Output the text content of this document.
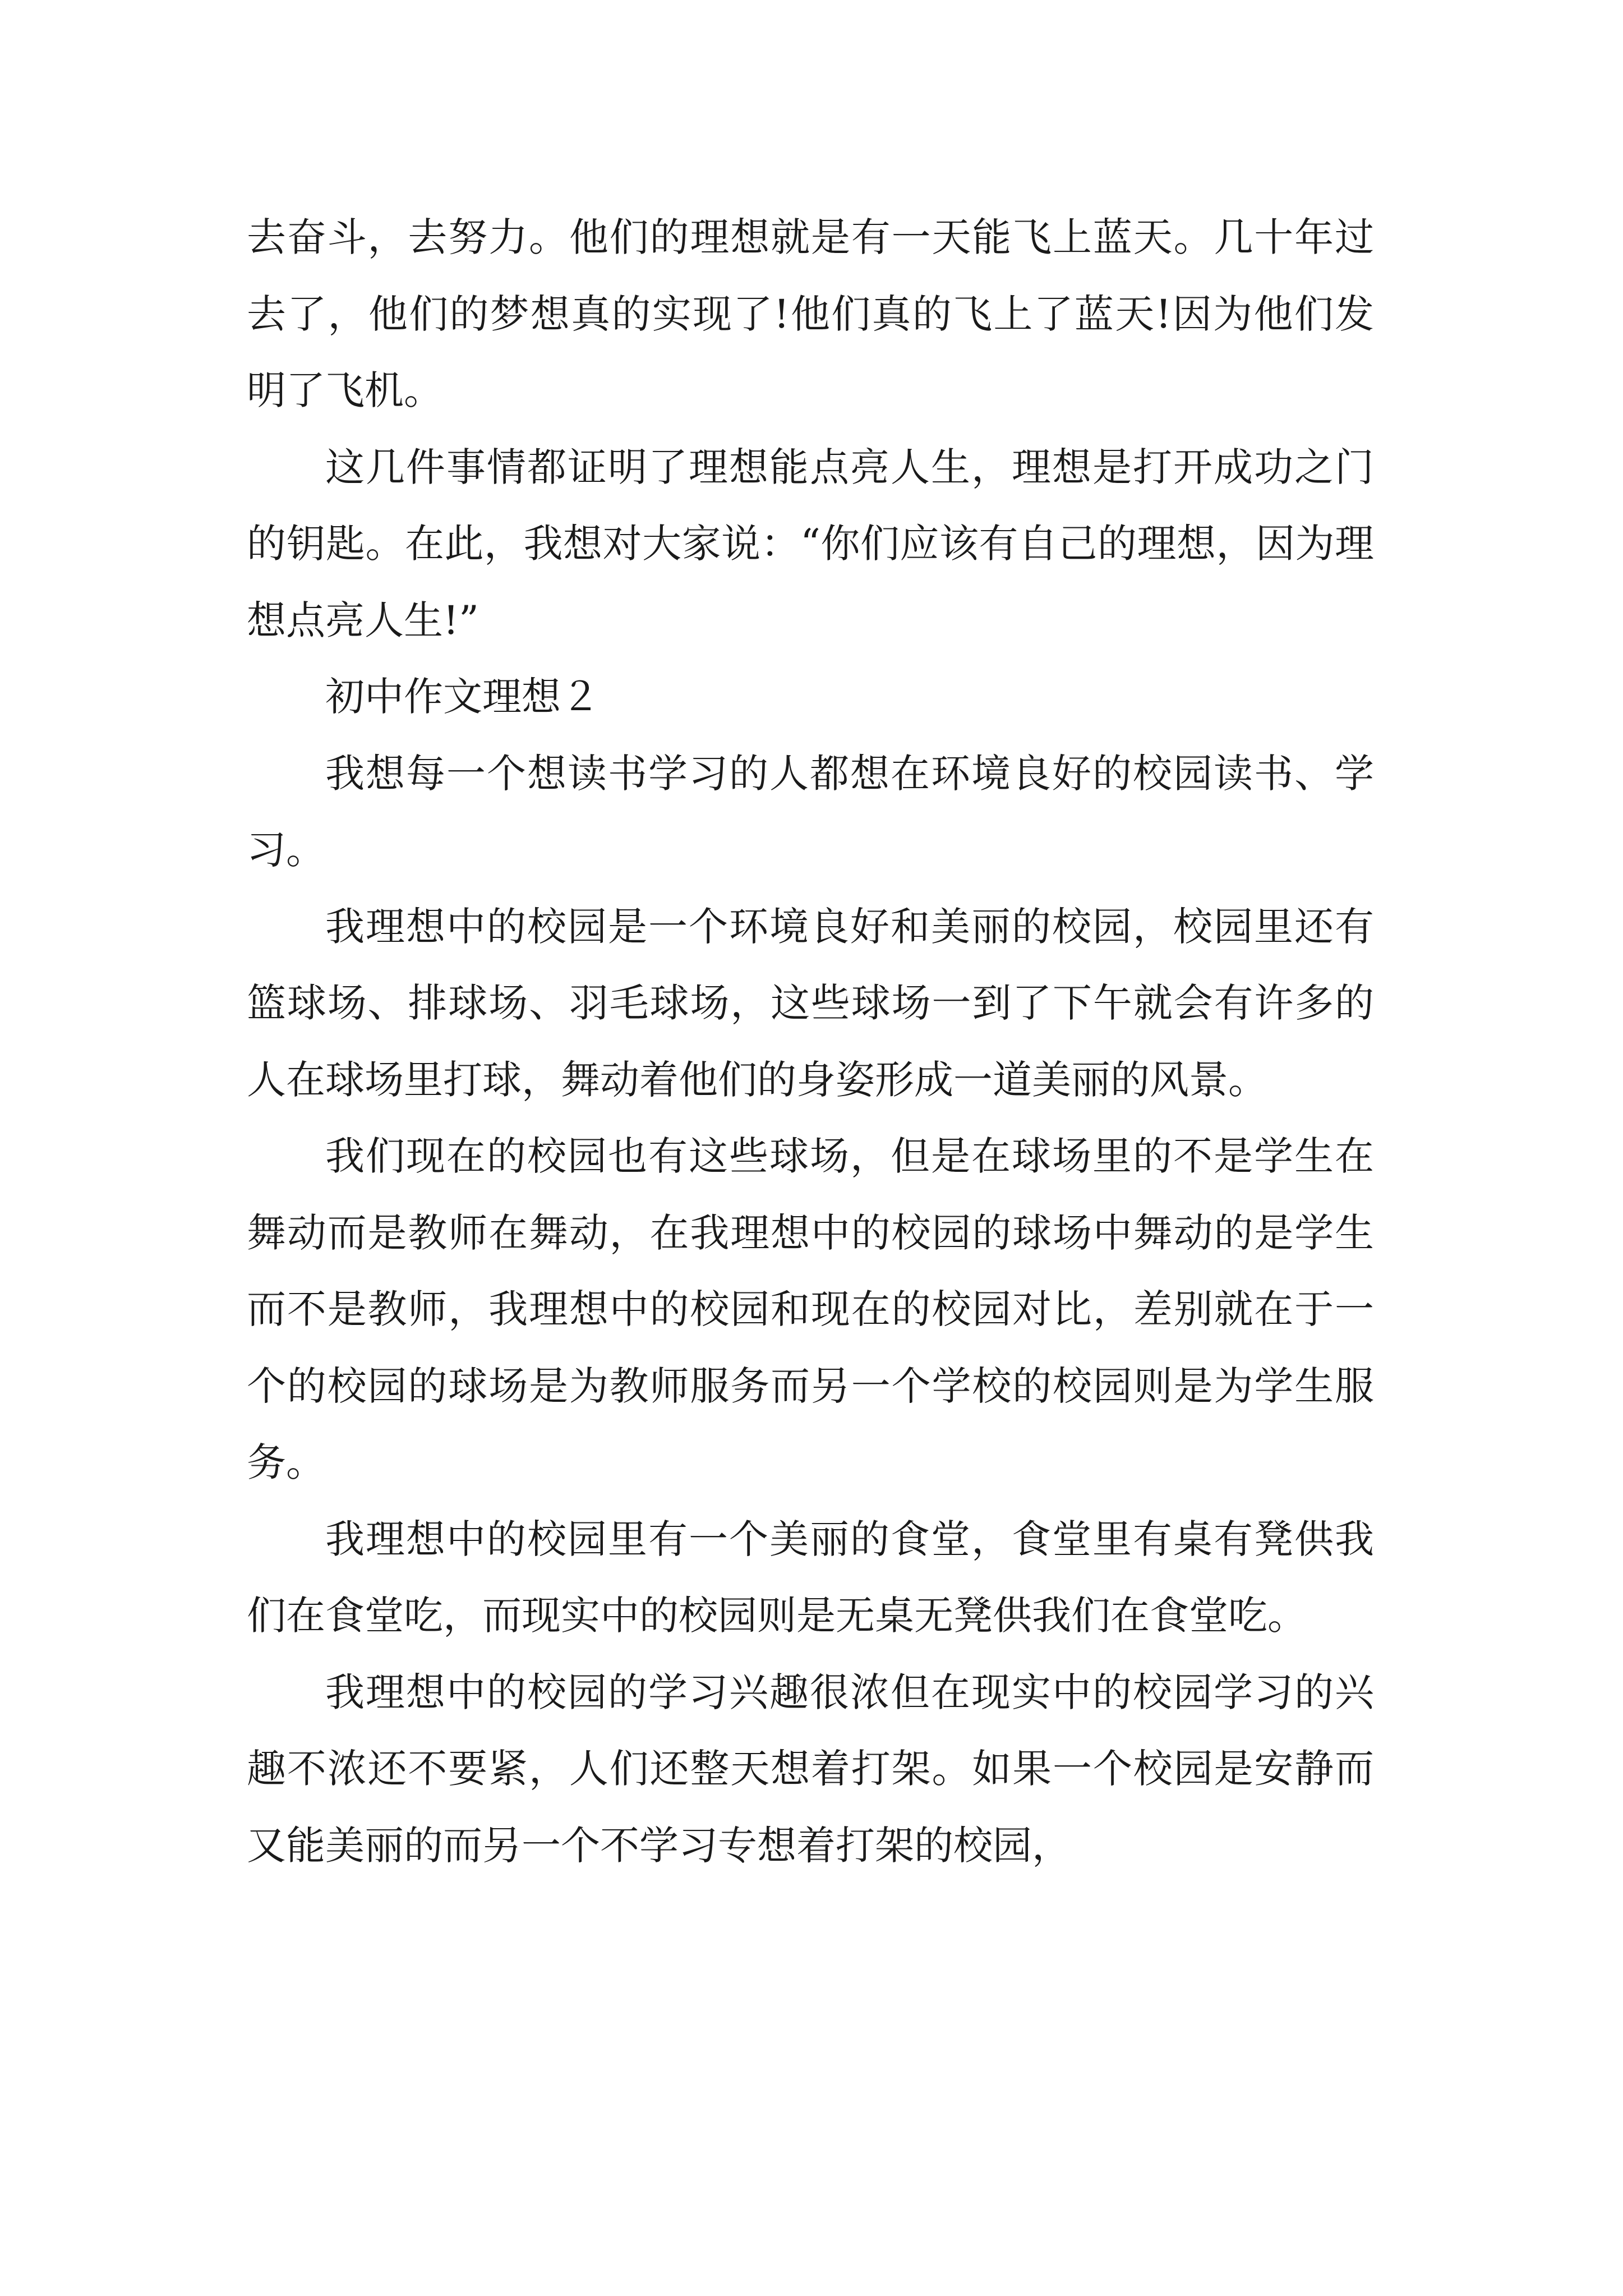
去奋斗，去努力。他们的理想就是有一天能飞上蓝天。几十年过去了，他们的梦想真的实现了!他们真的飞上了蓝天!因为他们发明了飞机。

这几件事情都证明了理想能点亮人生，理想是打开成功之门的钥匙。在此，我想对大家说：“你们应该有自己的理想，因为理想点亮人生!”

初中作文理想２

我想每一个想读书学习的人都想在环境良好的校园读书、学习。

我理想中的校园是一个环境良好和美丽的校园，校园里还有篮球场、排球场、羽毛球场，这些球场一到了下午就会有许多的人在球场里打球，舞动着他们的身姿形成一道美丽的风景。

我们现在的校园也有这些球场，但是在球场里的不是学生在舞动而是教师在舞动，在我理想中的校园的球场中舞动的是学生而不是教师，我理想中的校园和现在的校园对比，差别就在于一个的校园的球场是为教师服务而另一个学校的校园则是为学生服务。

我理想中的校园里有一个美丽的食堂，食堂里有桌有凳供我们在食堂吃，而现实中的校园则是无桌无凳供我们在食堂吃。

我理想中的校园的学习兴趣很浓但在现实中的校园学习的兴趣不浓还不要紧，人们还整天想着打架。如果一个校园是安静而又能美丽的而另一个不学习专想着打架的校园，
